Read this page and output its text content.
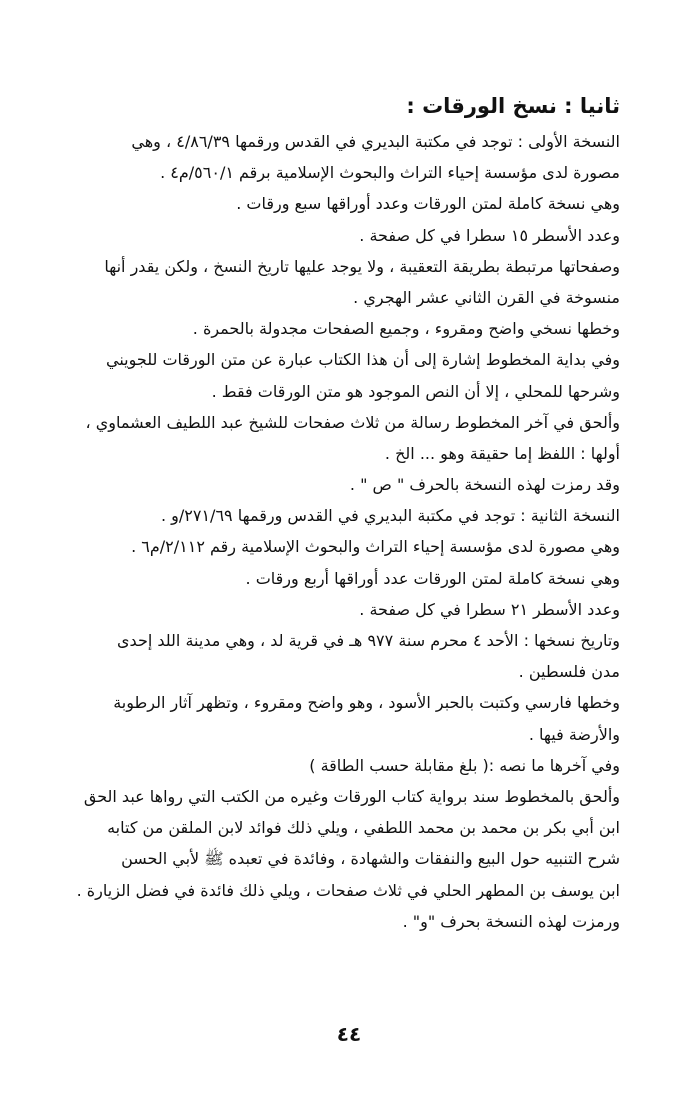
ثانيا : نسخ الورقات :
النسخة الأولى : توجد في مكتبة البديري في القدس ورقمها ٤/٨٦/٣٩ ، وهي
مصورة لدى مؤسسة إحياء التراث والبحوث الإسلامية برقم ٥٦٠/١/م٤ .
وهي نسخة كاملة لمتن الورقات وعدد أوراقها سبع ورقات .
وعدد الأسطر ١٥ سطرا في كل صفحة .
وصفحاتها مرتبطة بطريقة التعقيبة ، ولا يوجد عليها تاريخ النسخ ، ولكن يقدر أنها
منسوخة في القرن الثاني عشر الهجري .
وخطها نسخي واضح ومقروء ، وجميع الصفحات مجدولة بالحمرة .
وفي بداية المخطوط إشارة إلى أن هذا الكتاب عبارة عن متن الورقات للجويني
وشرحها للمحلي ، إلا أن النص الموجود هو متن الورقات فقط .
وألحق في آخر المخطوط رسالة من ثلاث صفحات للشيخ عبد اللطيف العشماوي ،
أولها : اللفظ إما حقيقة وهو ... الخ .
وقد رمزت لهذه النسخة بالحرف " ص " .
النسخة الثانية : توجد في مكتبة البديري في القدس ورقمها ٢٧١/٦٩/و .
وهي مصورة لدى مؤسسة إحياء التراث والبحوث الإسلامية رقم ٢/١١٢/م٦ .
وهي نسخة كاملة لمتن الورقات عدد أوراقها أربع ورقات .
وعدد الأسطر ٢١ سطرا في كل صفحة .
وتاريخ نسخها : الأحد ٤ محرم سنة ٩٧٧ هـ في قرية لد ، وهي مدينة اللد إحدى
مدن فلسطين .
وخطها فارسي وكتبت بالحبر الأسود ، وهو واضح ومقروء ، وتظهر آثار الرطوبة
والأرضة فيها .
وفي آخرها ما نصه :( بلغ مقابلة حسب الطاقة )
وألحق بالمخطوط سند برواية كتاب الورقات وغيره من الكتب التي رواها عبد الحق
ابن أبي بكر بن محمد بن محمد اللطفي ، ويلي ذلك فوائد لابن الملقن من كتابه
شرح التنبيه حول البيع والنفقات والشهادة ، وفائدة في تعبده ﷺ لأبي الحسن
ابن يوسف بن المطهر الحلي في ثلاث صفحات ، ويلي ذلك فائدة في فضل الزيارة .
ورمزت لهذه النسخة بحرف "و" .
٤٤
